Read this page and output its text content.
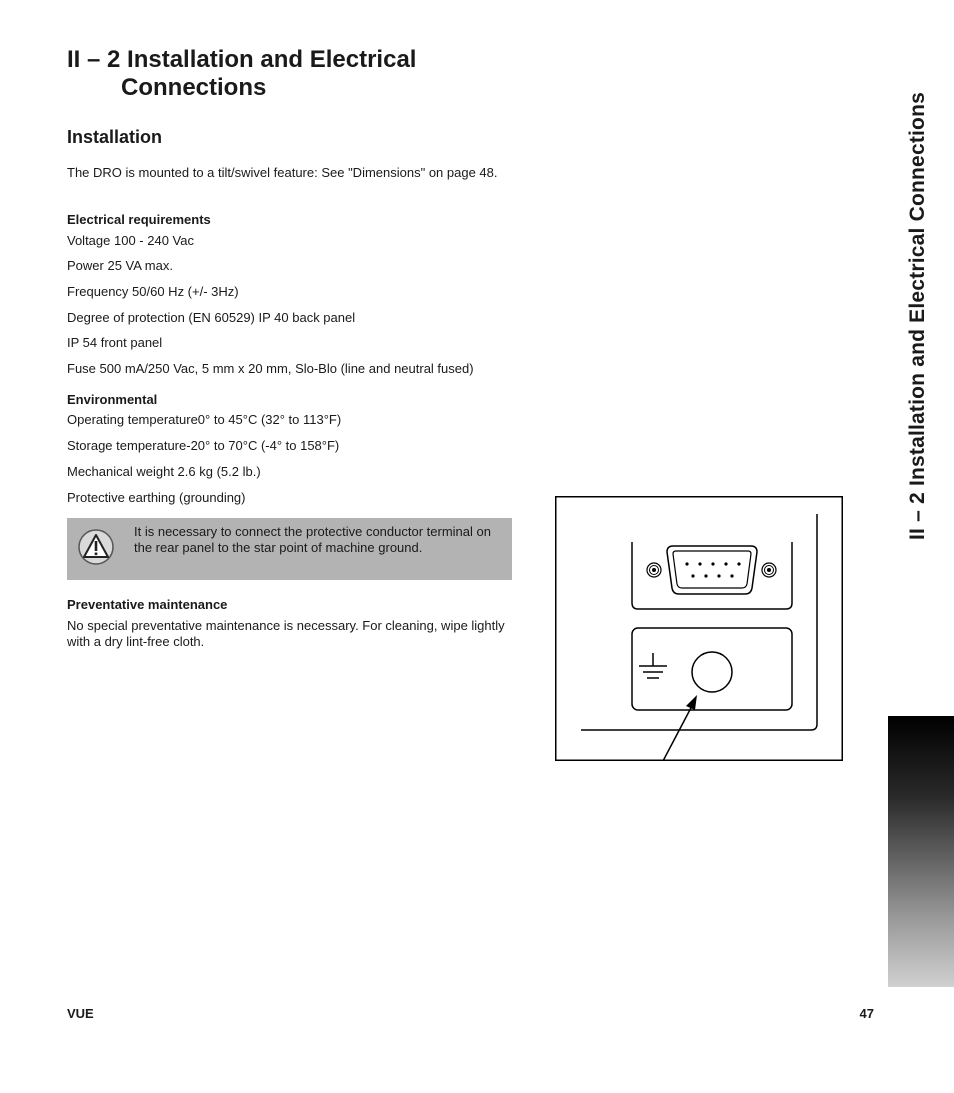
II – 2 Installation and Electrical
Connections
Installation

The DRO is mounted to a tilt/swivel feature: See "Dimensions" on page 48.

Electrical requirements

Voltage 100 - 240 Vac

Power 25 VA max.

Frequency 50/60 Hz (+/- 3Hz)

Degree of protection (EN 60529) IP 40 back panel

IP 54 front panel

Fuse 500 mA/250 Vac, 5 mm x 20 mm, Slo-Blo (line and neutral fused)

Environmental

Operating temperature0° to 45°C (32° to 113°F)

Storage temperature-20° to 70°C (-4° to 158°F)

Mechanical weight 2.6 kg (5.2 lb.)

Protective earthing (grounding)

It is necessary to connect the protective conductor terminal on the rear panel to the star point of machine ground.

Preventative maintenance

No special preventative maintenance is necessary. For cleaning, wipe lightly with a dry lint-free cloth.

II – 2 Installation and Electrical Connections

VUE	47
